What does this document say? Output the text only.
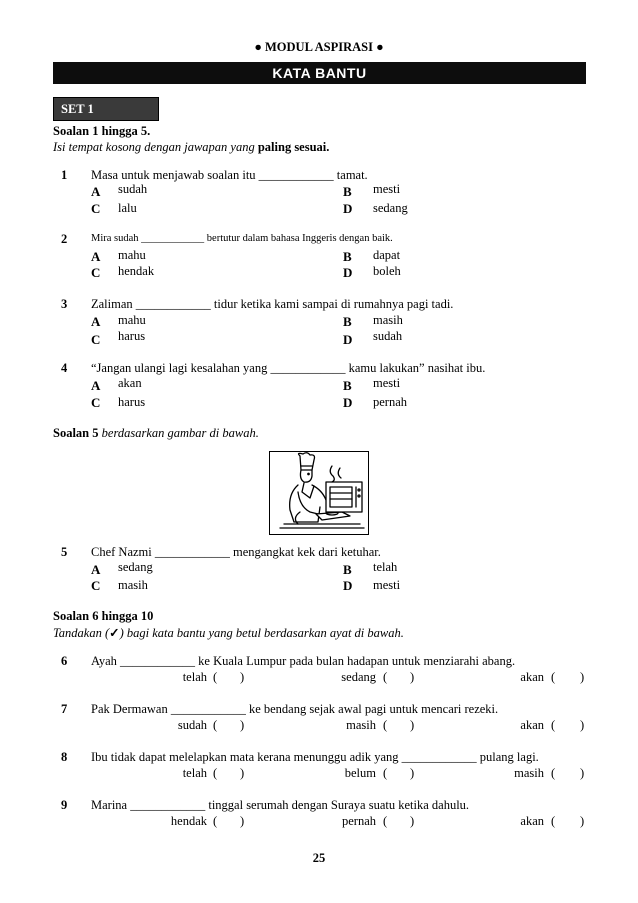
● MODUL ASPIRASI ●
KATA BANTU
SET 1
Soalan 1 hingga 5.
Isi tempat kosong dengan jawapan yang paling sesuai.
1 Masa untuk menjawab soalan itu ____________ tamat.
A sudah	B mesti
C lalu	D sedang
2 Mira sudah ____________ bertutur dalam bahasa Inggeris dengan baik.
A mahu	B dapat
C hendak	D boleh
3 Zaliman ____________ tidur ketika kami sampai di rumahnya pagi tadi.
A mahu	B masih
C harus	D sudah
4 “Jangan ulangi lagi kesalahan yang ____________ kamu lakukan” nasihat ibu.
A akan	B mesti
C harus	D pernah
Soalan 5 berdasarkan gambar di bawah.
5 Chef Nazmi ____________ mengangkat kek dari ketuhar.
A sedang	B telah
C masih	D mesti
Soalan 6 hingga 10
Tandakan (✓) bagi kata bantu yang betul berdasarkan ayat di bawah.
6 Ayah ____________ ke Kuala Lumpur pada bulan hadapan untuk menziarahi abang.
telah ( )	sedang ( )	akan ( )
7 Pak Dermawan ____________ ke bendang sejak awal pagi untuk mencari rezeki.
sudah ( )	masih ( )	akan ( )
8 Ibu tidak dapat melelapkan mata kerana menunggu adik yang ____________ pulang lagi.
telah ( )	belum ( )	masih ( )
9 Marina ____________ tinggal serumah dengan Suraya suatu ketika dahulu.
hendak ( )	pernah ( )	akan ( )
25
